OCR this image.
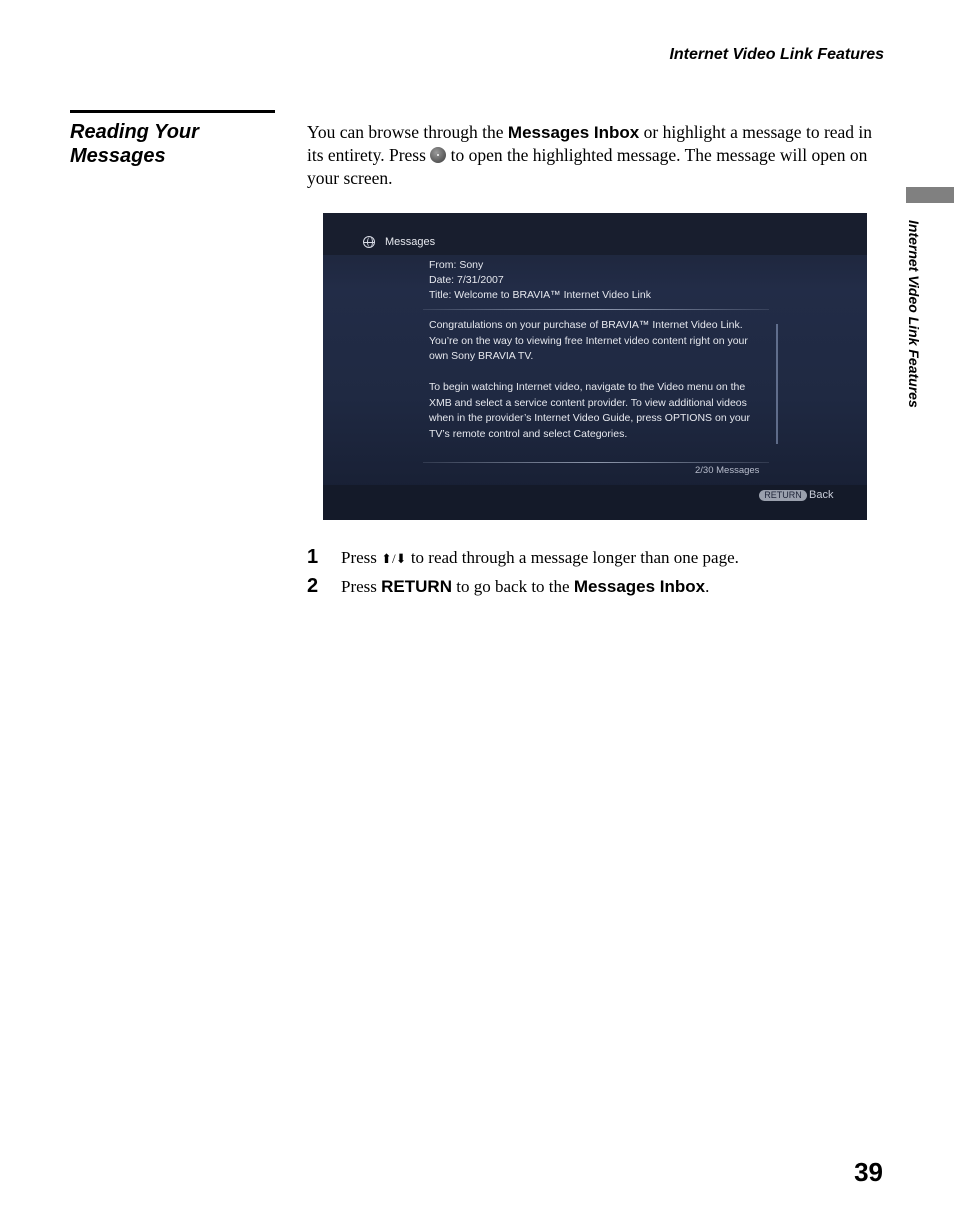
Internet Video Link Features
Internet Video Link Features
Reading Your
Messages
You can browse through the Messages Inbox or highlight a message to read in its entirety. Press  to open the highlighted message. The message will open on your screen.
Messages
From: Sony
Date: 7/31/2007
Title: Welcome to BRAVIA™ Internet Video Link
Congratulations on your purchase of BRAVIA™ Internet Video Link. You’re on the way to viewing free Internet video content right on your own Sony BRAVIA TV.
To begin watching Internet video, navigate to the Video menu on the XMB and select a service content provider. To view additional videos when in the provider’s Internet Video Guide, press OPTIONS on your TV’s remote control and select Categories.
2/30 Messages
RETURN Back
1 Press ⬆/⬇ to read through a message longer than one page.
2 Press RETURN to go back to the Messages Inbox.
39
